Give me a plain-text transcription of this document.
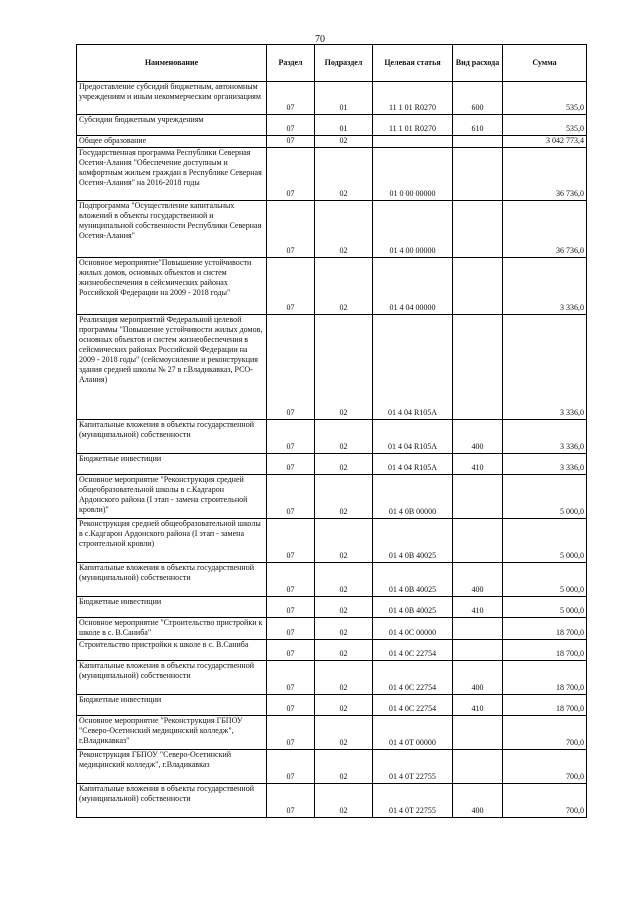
70
Наименование	Раздел	Подраздел	Целевая статья	Вид расхода	Сумма
Предоставление субсидий бюджетным, автономным учреждениям и иным некоммерческим организациям	07	01	11 1 01 R0270	600	535,0
Субсидии бюджетным учреждениям	07	01	11 1 01 R0270	610	535,0
Общее образование	07	02			3 042 773,4
Государственная программа Республики Северная Осетия-Алания "Обеспечение доступным и комфортным жильем граждан в Республике Северная Осетия-Алания" на 2016-2018 годы	07	02	01 0 00 00000		36 736,0
Подпрограмма "Осуществление капитальных вложений в объекты государственной и муниципальной собственности Республики Северная Осетия-Алания"	07	02	01 4 00 00000		36 736,0
Основное мероприятие"Повышение устойчивости жилых домов, основных объектов и систем жизнеобеспечения в сейсмических районах Российской Федерации на 2009 - 2018 годы"	07	02	01 4 04 00000		3 336,0
Реализация мероприятий Федеральной целевой программы "Повышение устойчивости жилых домов, основных объектов и систем жизнеобеспечения в сейсмических районах Российской Федерации на 2009 - 2018 годы" (сейсмоусиление и реконструкция здания средней школы № 27 в г.Владикавказ, РСО-Алания)	07	02	01 4 04 R105A		3 336,0
Капитальные вложения в объекты государственной (муниципальной) собственности	07	02	01 4 04 R105A	400	3 336,0
Бюджетные инвестиции	07	02	01 4 04 R105A	410	3 336,0
Основное мероприятие "Реконструкция средней общеобразовательной школы в с.Кадгарон Ардонского района (I этап - замена строительной кровли)"	07	02	01 4 0В 00000		5 000,0
Реконструкция средней общеобразовательной школы в с.Кадгарон Ардонского района (I этап - замена строительной кровли)	07	02	01 4 0В 40025		5 000,0
Капитальные вложения в объекты государственной (муниципальной) собственности	07	02	01 4 0В 40025	400	5 000,0
Бюджетные инвестиции	07	02	01 4 0В 40025	410	5 000,0
Основное мероприятие "Строительство пристройки к школе в с. В.Саниба"	07	02	01 4 0С 00000		18 700,0
Строительство пристройки к школе в с. В.Саниба	07	02	01 4 0С 22754		18 700,0
Капитальные вложения в объекты государственной (муниципальной) собственности	07	02	01 4 0С 22754	400	18 700,0
Бюджетные инвестиции	07	02	01 4 0С 22754	410	18 700,0
Основное мероприятие "Реконструкция ГБПОУ "Северо-Осетинский медицинский колледж", г.Владикавказ"	07	02	01 4 0Т 00000		700,0
Реконструкция ГБПОУ "Северо-Осетинский медицинский колледж", г.Владикавказ	07	02	01 4 0Т 22755		700,0
Капитальные вложения в объекты государственной (муниципальной) собственности	07	02	01 4 0Т 22755	400	700,0
